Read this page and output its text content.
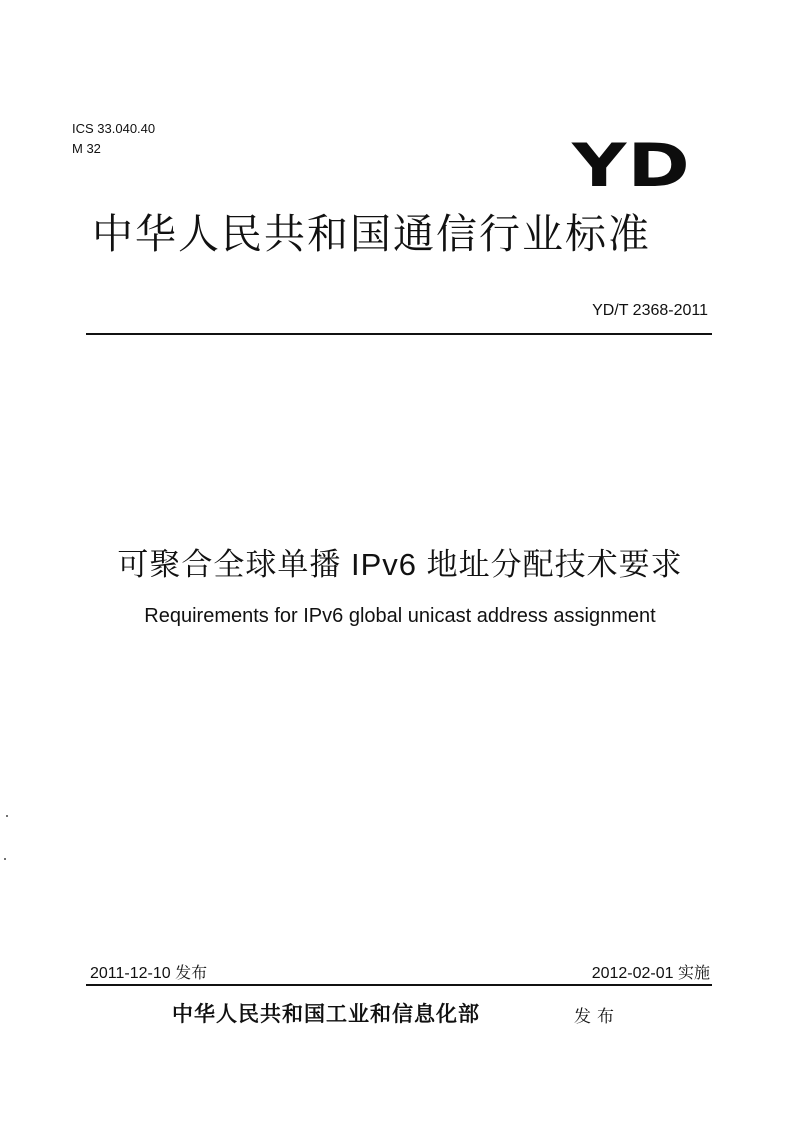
ICS 33.040.40
M 32	YD
中华人民共和国通信行业标准
YD/T 2368-2011
可聚合全球单播 IPv6 地址分配技术要求
Requirements for IPv6 global unicast address assignment
2011-12-10 发布	2012-02-01 实施
中华人民共和国工业和信息化部	发布
